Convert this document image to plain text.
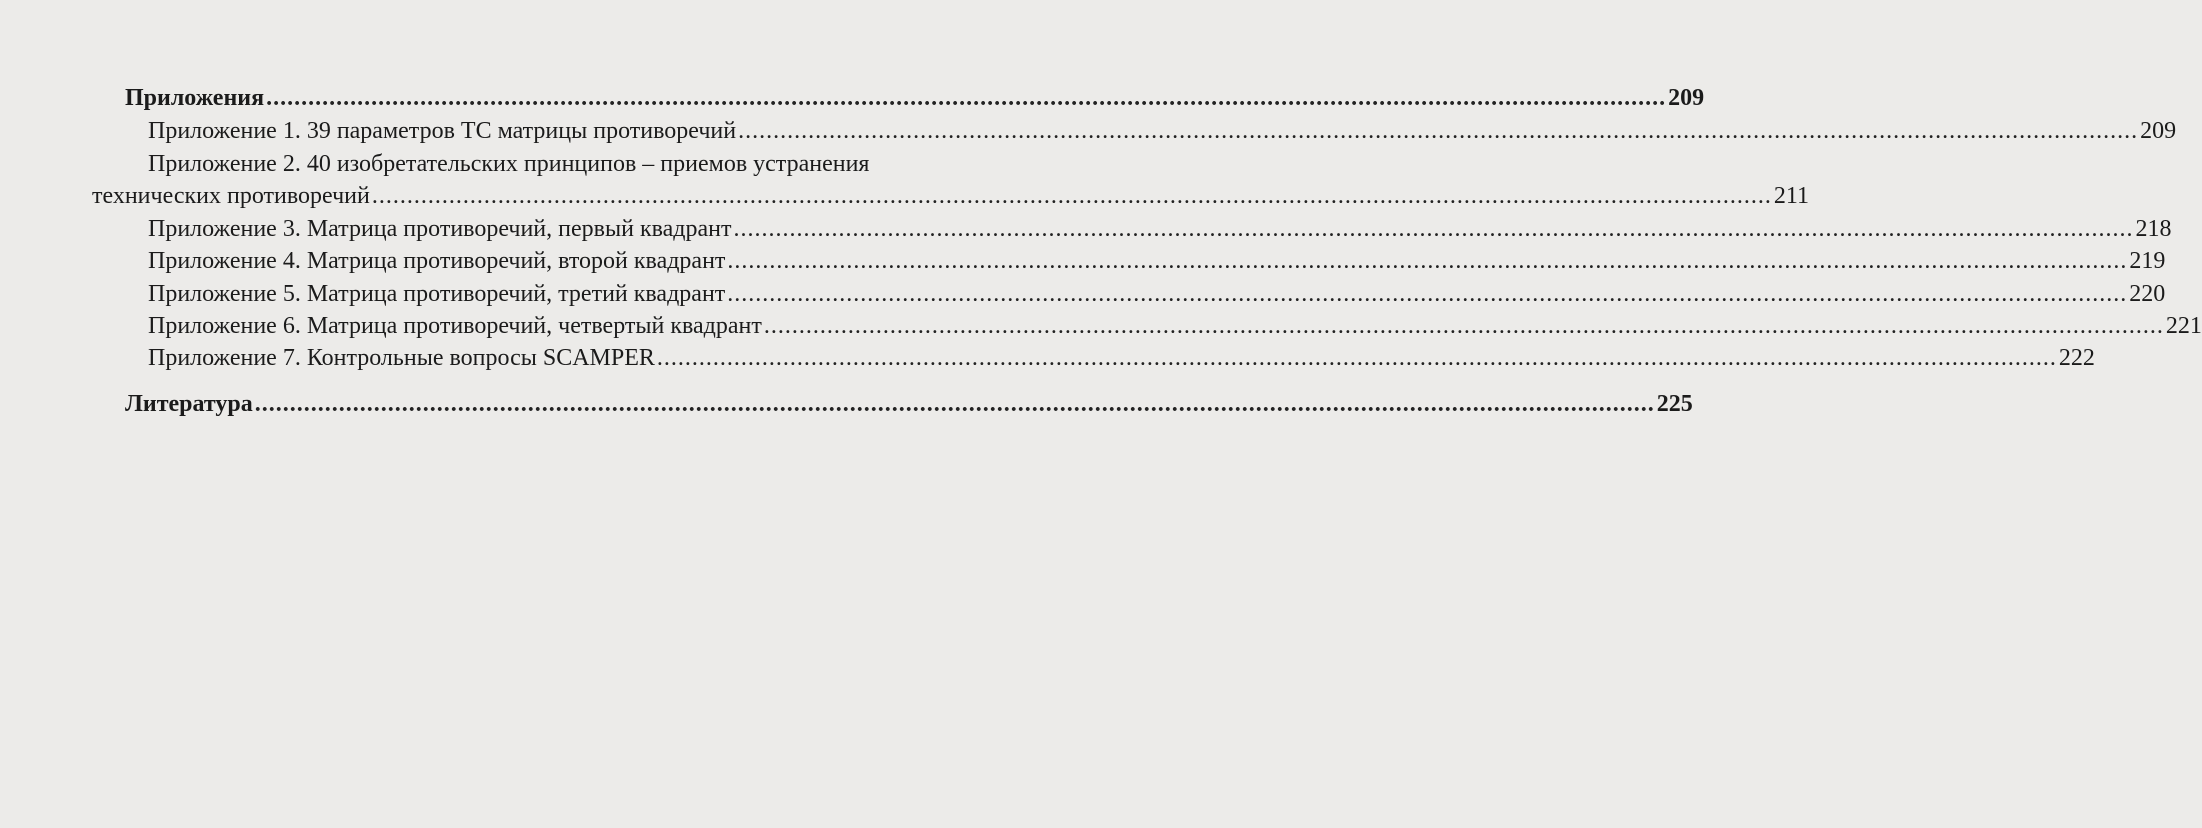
Приложения ........................................................................................................................................................................................................ 209
Приложение 1. 39 параметров ТС матрицы противоречий ........................................................................................................................................................................................................ 209
Приложение 2. 40 изобретательских принципов – приемов устранения
технических противоречий ........................................................................................................................................................................................................ 211
Приложение 3. Матрица противоречий, первый квадрант ........................................................................................................................................................................................................ 218
Приложение 4. Матрица противоречий, второй квадрант ........................................................................................................................................................................................................ 219
Приложение 5. Матрица противоречий, третий квадрант ........................................................................................................................................................................................................ 220
Приложение 6. Матрица противоречий, четвертый квадрант ........................................................................................................................................................................................................ 221
Приложение 7. Контрольные вопросы SCAMPER ........................................................................................................................................................................................................ 222
Литература ........................................................................................................................................................................................................ 225
